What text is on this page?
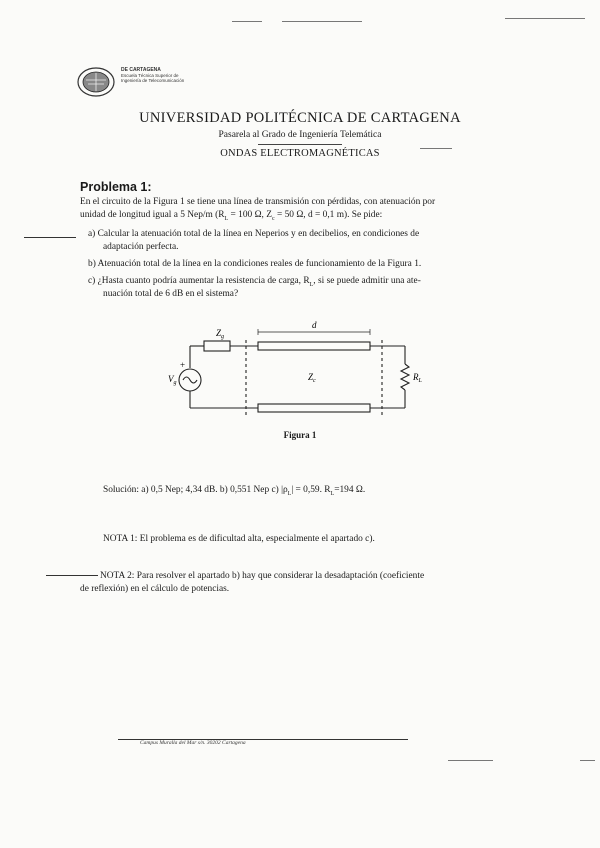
DE CARTAGENA
Escuela Técnica Superior de
Ingeniería de Telecomunicación
UNIVERSIDAD POLITÉCNICA DE CARTAGENA
Pasarela al Grado de Ingeniería Telemática
ONDAS ELECTROMAGNÉTICAS
Problema 1:
En el circuito de la Figura 1 se tiene una línea de transmisión con pérdidas, con atenuación por
unidad de longitud igual a 5 Nep/m ($R_L = 100$ Ω, $Z_c = 50$ Ω, d = 0,1 m). Se pide:
a) Calcular la atenuación total de la línea en Neperios y en decibelios, en condiciones de
adaptación perfecta.
b) Atenuación total de la línea en la condiciones reales de funcionamiento de la Figura 1.
c) ¿Hasta cuanto podría aumentar la resistencia de carga, $R_L$, si se puede admitir una ate-
nuación total de 6 dB en el sistema?
$Z_g$
d
$Z_c$
$V_g$
+
$R_L$
Figura 1
Solución: a) 0,5 Nep; 4,34 dB. b) 0,551 Nep c) $|\rho_L| = 0,59$. $R_L=194$ Ω.
NOTA 1: El problema es de dificultad alta, especialmente el apartado c).
NOTA 2: Para resolver el apartado b) hay que considerar la desadaptación (coeficiente
de reflexión) en el cálculo de potencias.
Campus Muralla del Mar s/n. 30202 Cartagena
